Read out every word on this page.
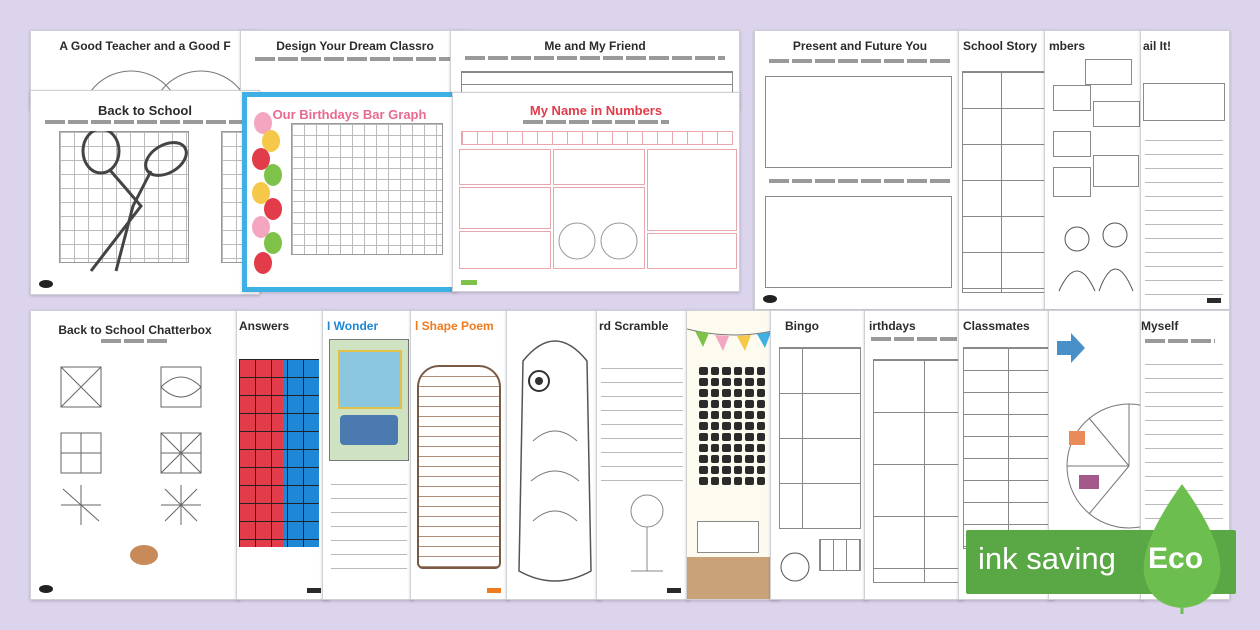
A Good Teacher and a Good F	Design Your Dream Classro	Me and My Friend
Back to School	Our Birthdays Bar Graph	My Name in Numbers
Present and Future You	School Story mbers	ail It!
Back to School Chatterbox	Answers	I Wonder	l Shape Poem	rd Scramble	Bingo	irthdays	Classmates	Myself
ink saving Eco
